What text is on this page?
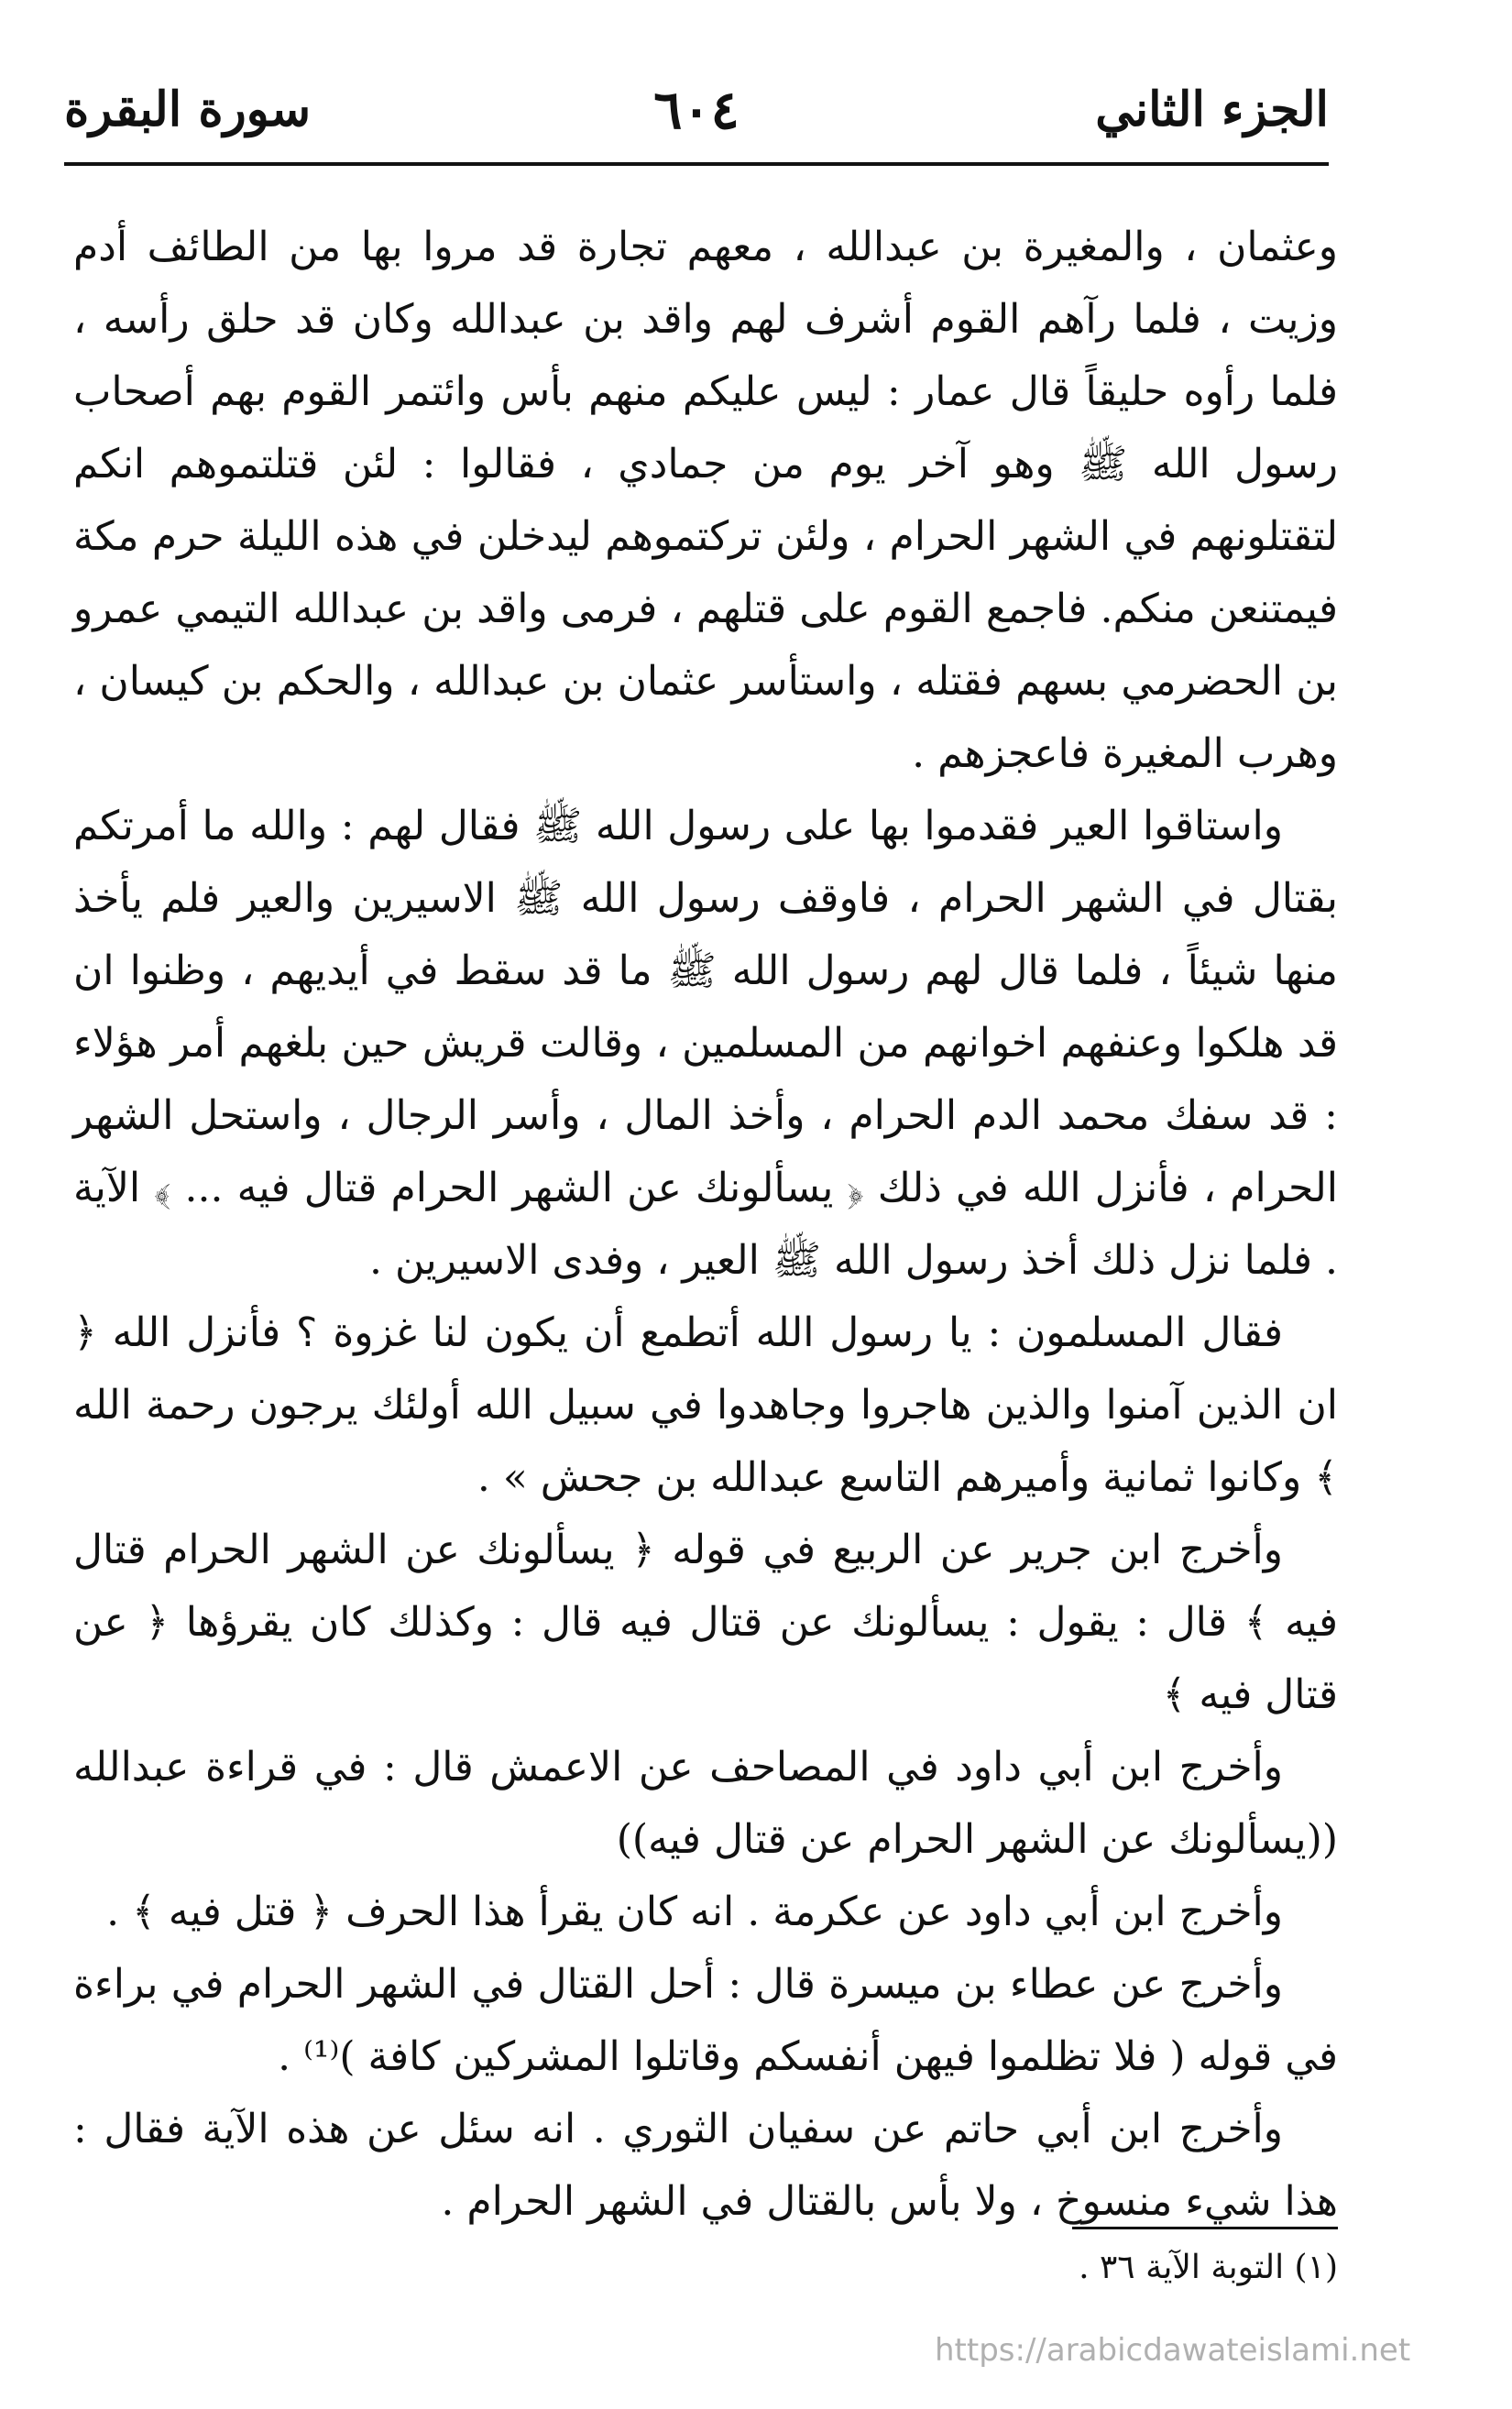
الجزء الثاني
٦٠٤
سورة البقرة

وعثمان ، والمغيرة بن عبدالله ، معهم تجارة قد مروا بها من الطائف أدم وزيت ، فلما رآهم القوم أشرف لهم واقد بن عبدالله وكان قد حلق رأسه ، فلما رأوه حليقاً قال عمار : ليس عليكم منهم بأس وائتمر القوم بهم أصحاب رسول الله ﷺ وهو آخر يوم من جمادي ، فقالوا : لئن قتلتموهم انكم لتقتلونهم في الشهر الحرام ، ولئن تركتموهم ليدخلن في هذه الليلة حرم مكة فيمتنعن منكم. فاجمع القوم على قتلهم ، فرمى واقد بن عبدالله التيمي عمرو بن الحضرمي بسهم فقتله ، واستأسر عثمان بن عبدالله ، والحكم بن كيسان ، وهرب المغيرة فاعجزهم .

واستاقوا العير فقدموا بها على رسول الله ﷺ فقال لهم : والله ما أمرتكم بقتال في الشهر الحرام ، فاوقف رسول الله ﷺ الاسيرين والعير فلم يأخذ منها شيئاً ، فلما قال لهم رسول الله ﷺ ما قد سقط في أيديهم ، وظنوا ان قد هلكوا وعنفهم اخوانهم من المسلمين ، وقالت قريش حين بلغهم أمر هؤلاء : قد سفك محمد الدم الحرام ، وأخذ المال ، وأسر الرجال ، واستحل الشهر الحرام ، فأنزل الله في ذلك ﴿ يسألونك عن الشهر الحرام قتال فيه ... ﴾ الآية . فلما نزل ذلك أخذ رسول الله ﷺ العير ، وفدى الاسيرين .

فقال المسلمون : يا رسول الله أتطمع أن يكون لنا غزوة ؟ فأنزل الله ﴿ ان الذين آمنوا والذين هاجروا وجاهدوا في سبيل الله أولئك يرجون رحمة الله ﴾ وكانوا ثمانية وأميرهم التاسع عبدالله بن جحش » .

وأخرج ابن جرير عن الربيع في قوله ﴿ يسألونك عن الشهر الحرام قتال فيه ﴾ قال : يقول : يسألونك عن قتال فيه قال : وكذلك كان يقرؤها ﴿ عن قتال فيه ﴾

وأخرج ابن أبي داود في المصاحف عن الاعمش قال : في قراءة عبدالله ((يسألونك عن الشهر الحرام عن قتال فيه))

وأخرج ابن أبي داود عن عكرمة . انه كان يقرأ هذا الحرف ﴿ قتل فيه ﴾ .

وأخرج عن عطاء بن ميسرة قال : أحل القتال في الشهر الحرام في براءة في قوله ( فلا تظلموا فيهن أنفسكم وقاتلوا المشركين كافة )⁽¹⁾ .

وأخرج ابن أبي حاتم عن سفيان الثوري . انه سئل عن هذه الآية فقال : هذا شيء منسوخ ، ولا بأس بالقتال في الشهر الحرام .

(١) التوبة الآية ٣٦ .
https://arabicdawateislami.net
